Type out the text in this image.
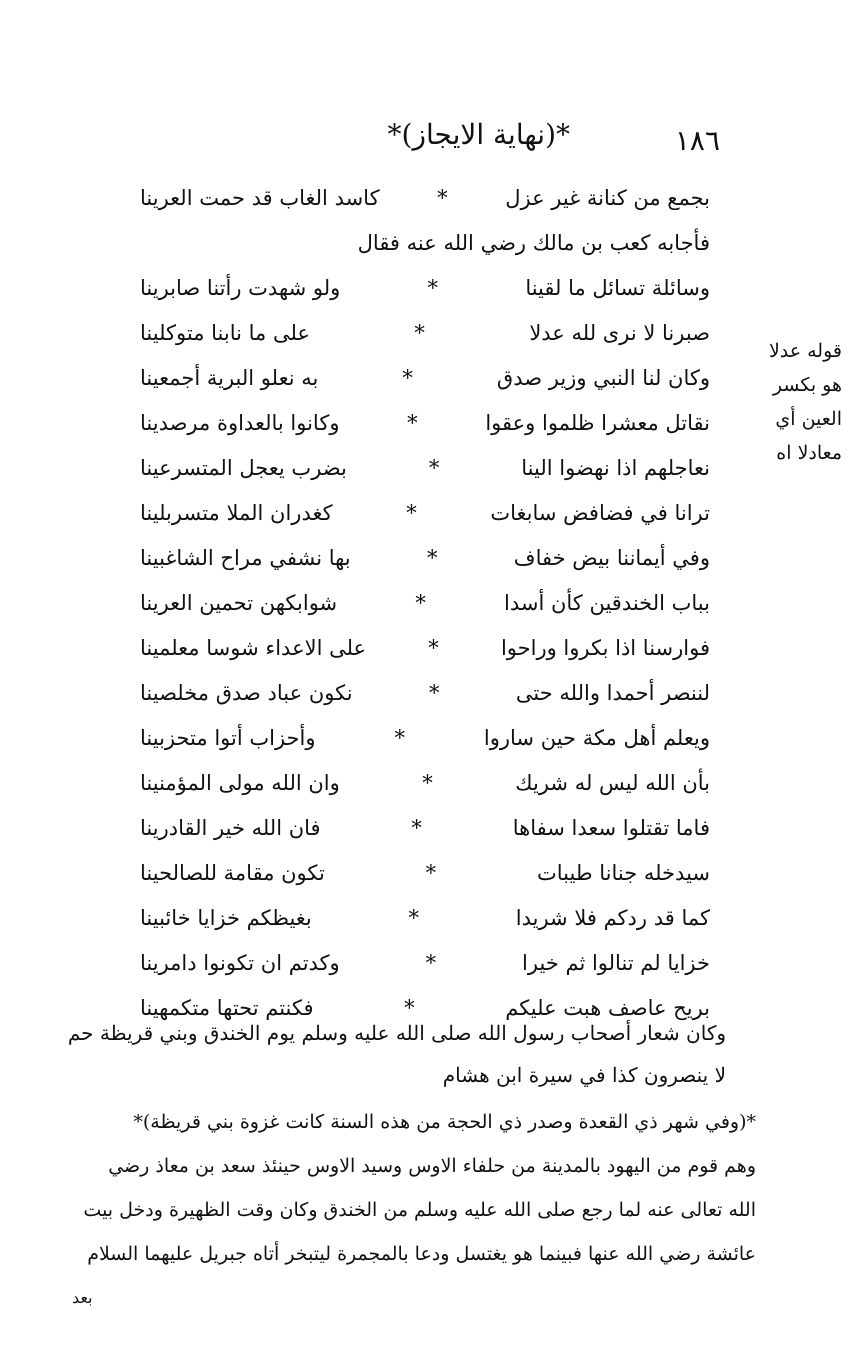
١٨٦
*(نهاية الايجاز)*
بجمع من كنانة غير عزل
*
كاسد الغاب قد حمت العرينا
فأجابه كعب بن مالك رضي الله عنه فقال
وسائلة تسائل ما لقينا
*
ولو شهدت رأتنا صابرينا
صبرنا لا نرى لله عدلا
*
على ما نابنا متوكلينا
وكان لنا النبي وزير صدق
*
به نعلو البرية أجمعينا
نقاتل معشرا ظلموا وعقوا
*
وكانوا بالعداوة مرصدينا
نعاجلهم اذا نهضوا الينا
*
بضرب يعجل المتسرعينا
ترانا في فضافض سابغات
*
كغدران الملا متسربلينا
وفي أيماننا بيض خفاف
*
بها نشفي مراح الشاغبينا
بباب الخندقين كأن أسدا
*
شوابكهن تحمين العرينا
فوارسنا اذا بكروا وراحوا
*
على الاعداء شوسا معلمينا
لننصر أحمدا والله حتى
*
نكون عباد صدق مخلصينا
ويعلم أهل مكة حين ساروا
*
وأحزاب أتوا متحزبينا
بأن الله ليس له شريك
*
وان الله مولى المؤمنينا
فاما تقتلوا سعدا سفاها
*
فان الله خير القادرينا
سيدخله جنانا طيبات
*
تكون مقامة للصالحينا
كما قد ردكم فلا شريدا
*
بغيظكم خزايا خائبينا
خزايا لم تنالوا ثم خيرا
*
وكدتم ان تكونوا دامرينا
بريح عاصف هبت عليكم
*
فكنتم تحتها متكمهينا
قوله عدلا
هو بكسر
العين أي
معادلا اه
وكان شعار أصحاب رسول الله صلى الله عليه وسلم يوم الخندق وبني قريظة حم
لا ينصرون كذا في سيرة ابن هشام
*(وفي شهر ذي القعدة وصدر ذي الحجة من هذه السنة كانت غزوة بني قريظة)*
وهم قوم من اليهود بالمدينة من حلفاء الاوس وسيد الاوس حينئذ سعد بن معاذ رضي
الله تعالى عنه لما رجع صلى الله عليه وسلم من الخندق وكان وقت الظهيرة ودخل بيت
عائشة رضي الله عنها فبينما هو يغتسل ودعا بالمجمرة ليتبخر أتاه جبريل عليهما السلام
بعد
